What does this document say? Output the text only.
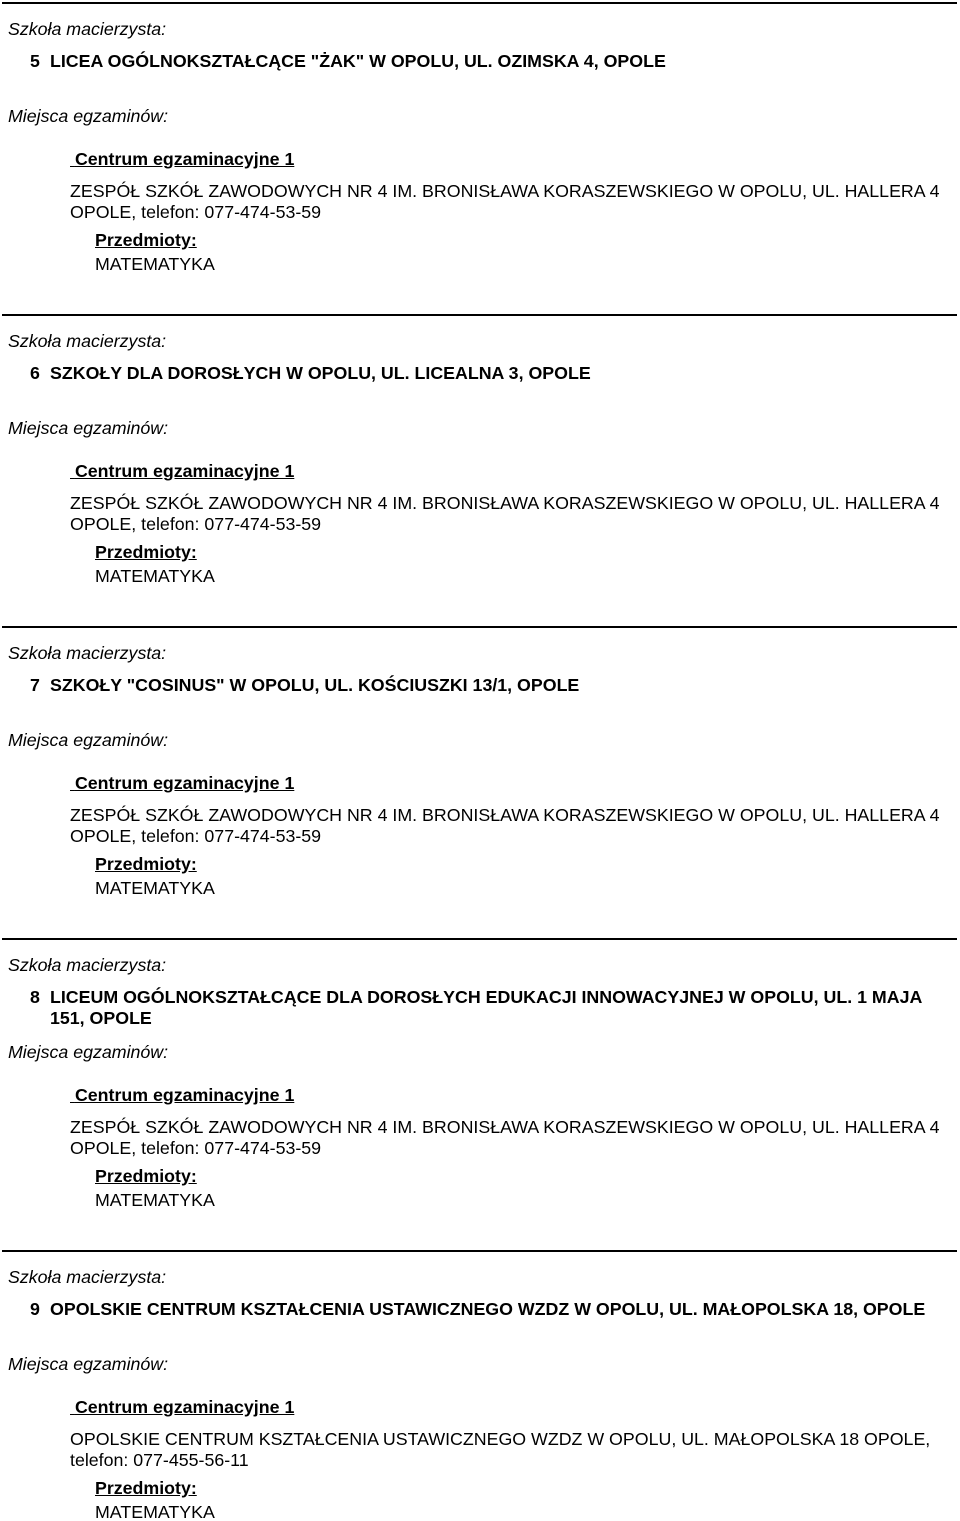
Szkoła macierzysta:
5 LICEA OGÓLNOKSZTAŁCĄCE "ŻAK" W OPOLU, UL. OZIMSKA 4, OPOLE
Miejsca egzaminów:
Centrum egzaminacyjne 1
ZESPÓŁ SZKÓŁ ZAWODOWYCH NR 4 IM. BRONISŁAWA KORASZEWSKIEGO W OPOLU, UL. HALLERA 4
OPOLE, telefon: 077-474-53-59
Przedmioty:
MATEMATYKA
Szkoła macierzysta:
6 SZKOŁY DLA DOROSŁYCH W OPOLU, UL. LICEALNA 3, OPOLE
Miejsca egzaminów:
Centrum egzaminacyjne 1
ZESPÓŁ SZKÓŁ ZAWODOWYCH NR 4 IM. BRONISŁAWA KORASZEWSKIEGO W OPOLU, UL. HALLERA 4
OPOLE, telefon: 077-474-53-59
Przedmioty:
MATEMATYKA
Szkoła macierzysta:
7 SZKOŁY "COSINUS" W OPOLU, UL. KOŚCIUSZKI 13/1, OPOLE
Miejsca egzaminów:
Centrum egzaminacyjne 1
ZESPÓŁ SZKÓŁ ZAWODOWYCH NR 4 IM. BRONISŁAWA KORASZEWSKIEGO W OPOLU, UL. HALLERA 4
OPOLE, telefon: 077-474-53-59
Przedmioty:
MATEMATYKA
Szkoła macierzysta:
8 LICEUM OGÓLNOKSZTAŁCĄCE DLA DOROSŁYCH EDUKACJI INNOWACYJNEJ W OPOLU, UL. 1 MAJA
151, OPOLE
Miejsca egzaminów:
Centrum egzaminacyjne 1
ZESPÓŁ SZKÓŁ ZAWODOWYCH NR 4 IM. BRONISŁAWA KORASZEWSKIEGO W OPOLU, UL. HALLERA 4
OPOLE, telefon: 077-474-53-59
Przedmioty:
MATEMATYKA
Szkoła macierzysta:
9 OPOLSKIE CENTRUM KSZTAŁCENIA USTAWICZNEGO WZDZ W OPOLU, UL. MAŁOPOLSKA 18, OPOLE
Miejsca egzaminów:
Centrum egzaminacyjne 1
OPOLSKIE CENTRUM KSZTAŁCENIA USTAWICZNEGO WZDZ W OPOLU, UL. MAŁOPOLSKA 18 OPOLE,
telefon: 077-455-56-11
Przedmioty:
MATEMATYKA
